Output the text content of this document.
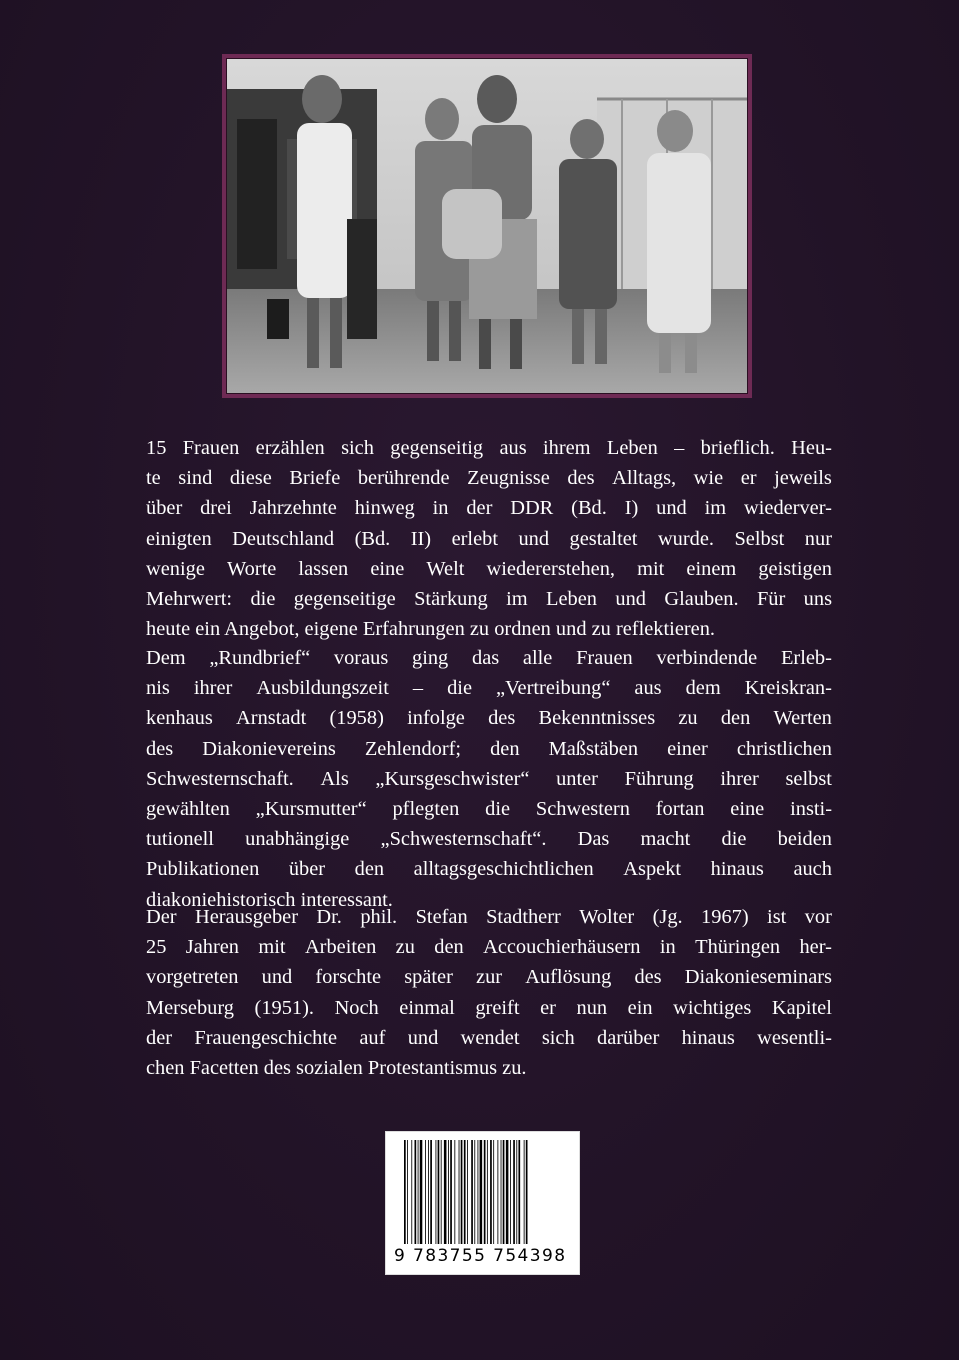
15 Frauen erzählen sich gegenseitig aus ihrem Leben – brieflich. Heu-
te sind diese Briefe berührende Zeugnisse des Alltags, wie er jeweils
über drei Jahrzehnte hinweg in der DDR (Bd. I) und im wiederver-
einigten Deutschland (Bd. II) erlebt und gestaltet wurde. Selbst nur
wenige Worte lassen eine Welt wiedererstehen, mit einem geistigen
Mehrwert: die gegenseitige Stärkung im Leben und Glauben. Für uns
heute ein Angebot, eigene Erfahrungen zu ordnen und zu reflektieren.
Dem „Rundbrief“ voraus ging das alle Frauen verbindende Erleb-
nis ihrer Ausbildungszeit – die „Vertreibung“ aus dem Kreiskran-
kenhaus Arnstadt (1958) infolge des Bekenntnisses zu den Werten
des Diakonievereins Zehlendorf; den Maßstäben einer christlichen
Schwesternschaft. Als „Kursgeschwister“ unter Führung ihrer selbst
gewählten „Kursmutter“ pflegten die Schwestern fortan eine insti-
tutionell unabhängige „Schwesternschaft“. Das macht die beiden
Publikationen über den alltagsgeschichtlichen Aspekt hinaus auch
diakoniehistorisch interessant.
Der Herausgeber Dr. phil. Stefan Stadtherr Wolter (Jg. 1967) ist vor
25 Jahren mit Arbeiten zu den Accouchierhäusern in Thüringen her-
vorgetreten und forschte später zur Auflösung des Diakonieseminars
Merseburg (1951). Noch einmal greift er nun ein wichtiges Kapitel
der Frauengeschichte auf und wendet sich darüber hinaus wesentli-
chen Facetten des sozialen Protestantismus zu.
9 783755 754398
